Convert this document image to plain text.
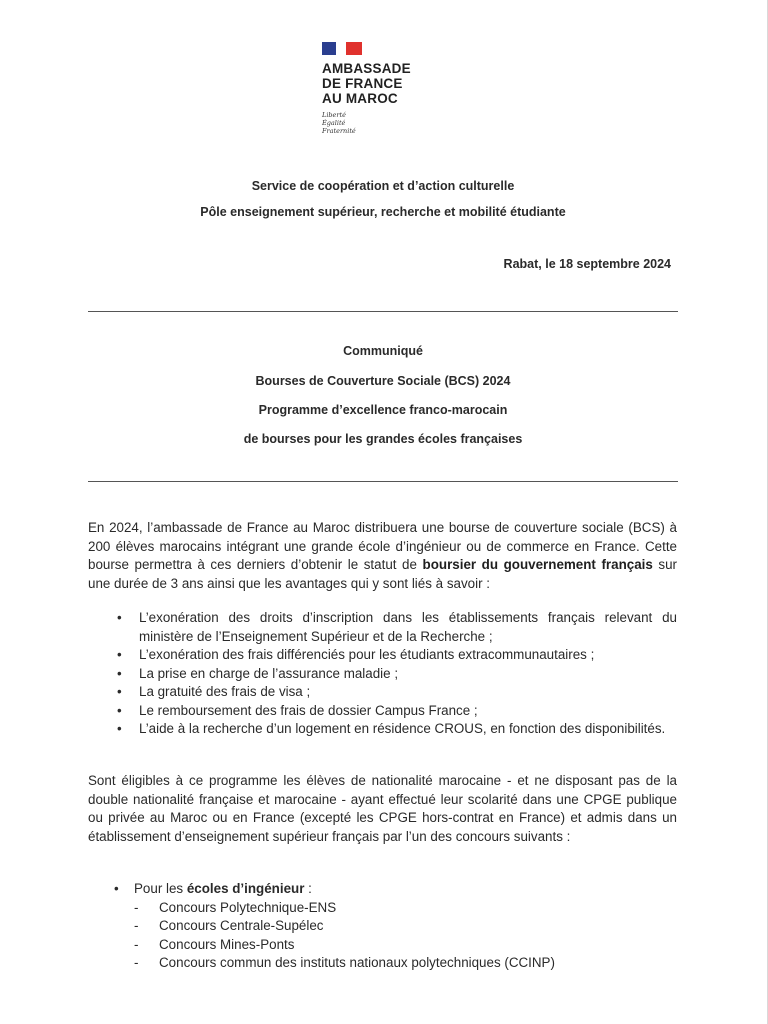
AMBASSADE
DE FRANCE
AU MAROC
Liberté
Égalité
Fraternité
Service de coopération et d’action culturelle
Pôle enseignement supérieur, recherche et mobilité étudiante
Rabat, le 18 septembre 2024
Communiqué
Bourses de Couverture Sociale (BCS) 2024
Programme d’excellence franco-marocain
de bourses pour les grandes écoles françaises
En 2024, l’ambassade de France au Maroc distribuera une bourse de couverture sociale (BCS) à 200 élèves marocains intégrant une grande école d’ingénieur ou de commerce en France. Cette bourse permettra à ces derniers d’obtenir le statut de boursier du gouvernement français sur une durée de 3 ans ainsi que les avantages qui y sont liés à savoir :
• L’exonération des droits d’inscription dans les établissements français relevant du ministère de l’Enseignement Supérieur et de la Recherche ;
• L’exonération des frais différenciés pour les étudiants extracommunautaires ;
• La prise en charge de l’assurance maladie ;
• La gratuité des frais de visa ;
• Le remboursement des frais de dossier Campus France ;
• L’aide à la recherche d’un logement en résidence CROUS, en fonction des disponibilités.
Sont éligibles à ce programme les élèves de nationalité marocaine - et ne disposant pas de la double nationalité française et marocaine - ayant effectué leur scolarité dans une CPGE publique ou privée au Maroc ou en France (excepté les CPGE hors-contrat en France) et admis dans un établissement d’enseignement supérieur français par l’un des concours suivants :
• Pour les écoles d’ingénieur :
- Concours Polytechnique-ENS
- Concours Centrale-Supélec
- Concours Mines-Ponts
- Concours commun des instituts nationaux polytechniques (CCINP)
